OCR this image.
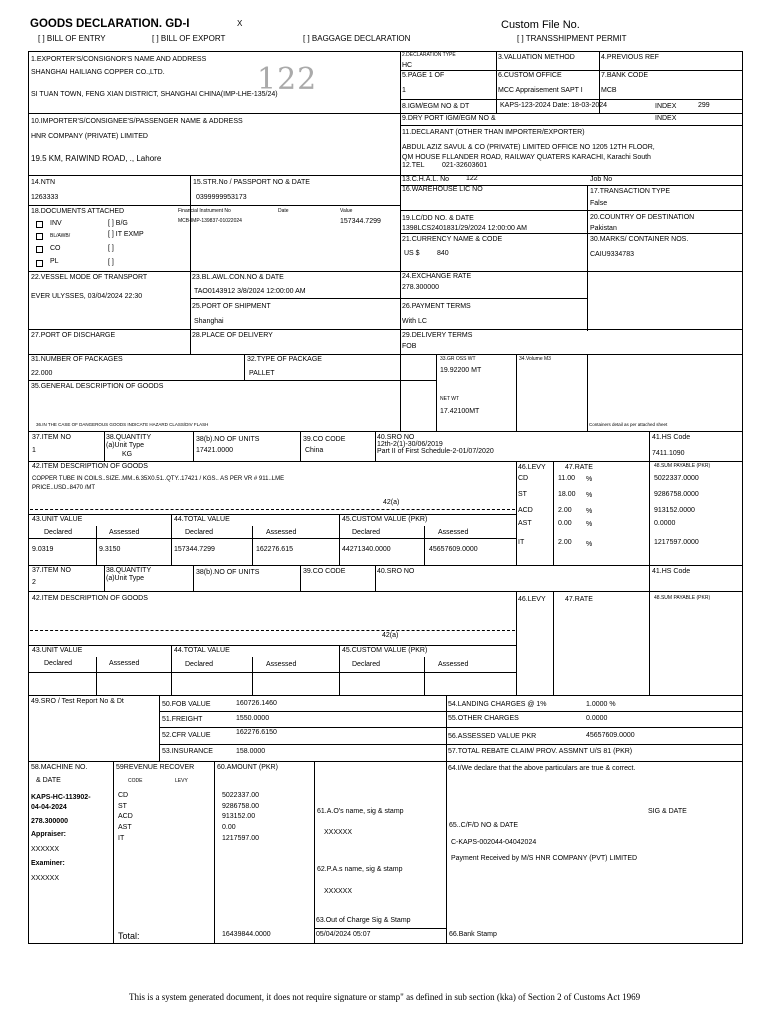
GOODS DECLARATION. GD-I	X	Custom File No.
[ ] BILL OF ENTRY	[ ] BILL OF EXPORT	[ ] BAGGAGE DECLARATION	[ ] TRANSSHIPMENT PERMIT
122
1.EXPORTER'S/CONSIGNOR'S NAME AND ADDRESS
SHANGHAI HAILIANG COPPER CO.,LTD.
SI TUAN TOWN, FENG XIAN DISTRICT, SHANGHAI CHINA(IMP-LHE-135/24)
2.DECLARATION TYPE
HC
3.VALUATION METHOD	4.PREVIOUS REF
5.PAGE 1 OF
1
6.CUSTOM OFFICE
MCC Appraisement SAPT I
7.BANK CODE
MCB
8.IGM/EGM NO & DT	KAPS-123-2024 Date: 18-03-2024	INDEX	299
9.DRY PORT IGM/EGM NO &	INDEX
10.IMPORTER'S/CONSIGNEE'S/PASSENGER NAME & ADDRESS
HNR COMPANY (PRIVATE) LIMITED
19.5 KM, RAIWIND ROAD, ., Lahore
11.DECLARANT (OTHER THAN IMPORTER/EXPORTER)
ABDUL AZIZ SAVUL & CO (PRIVATE) LIMITED OFFICE NO 1205 12TH FLOOR,
QM HOUSE FLLANDER ROAD, RAILWAY QUATERS KARACHI, Karachi South
12.TEL 021-32603601
14.NTN
1263333
15.STR.No / PASSPORT NO & DATE
0399999953173
13.C.H.A.L. No 122	Job No
16.WAREHOUSE LIC NO	17.TRANSACTION TYPE
False
18.DOCUMENTS ATTACHED	Financial Instrument No	Date	Value
MCB-IMP-139837-01022024	157344.7299
INV
BL/AWB/
CO
PL
[ ] B/G
[ ] IT EXMP
[ ]
[ ]
19.LC/DD NO. & DATE
1398LCS2401831/29/2024 12:00:00 AM
20.COUNTRY OF DESTINATION
Pakistan
21.CURRENCY NAME & CODE
US $ 840
30.MARKS/ CONTAINER NOS.
CAIU9334783
22.VESSEL MODE OF TRANSPORT
EVER ULYSSES, 03/04/2024 22:30
23.BL.AWL.CON.NO & DATE
TAO0143912 3/8/2024 12:00:00 AM
24.EXCHANGE RATE
278.300000
25.PORT OF SHIPMENT
Shanghai
26.PAYMENT TERMS
With LC
27.PORT OF DISCHARGE	28.PLACE OF DELIVERY	29.DELIVERY TERMS
FOB
31.NUMBER OF PACKAGES
22.000
32.TYPE OF PACKAGE
PALLET
33.GR OSS WT
19.92200 MT
34.Volume M3
35.GENERAL DESCRIPTION OF GOODS
NET WT
17.42100MT
36.IN THE CASE OF DANGEROUS GOODS INDICATE HAZARD CLASS/DIV FLASH	Containers detail as per attached sheet
37.ITEM NO
1
38.QUANTITY
(a)Unit Type
KG
38(b).NO OF UNITS
17421.0000
39.CO CODE
China
40.SRO NO
12th-2(1)-30/06/2019
Part II of First Schedule-2-01/07/2020
41.HS Code
7411.1090
42.ITEM DESCRIPTION OF GOODS
COPPER TUBE IN COILS..SIZE..MM..6.35X0.51..QTY..17421 / KGS.. AS PER VR # 911..LME
PRICE..USD..8470 /MT
42(a)
46.LEVY	47.RATE	48.SUM PAYABLE (PKR)
CD	11.00 %	5022337.0000
ST	18.00 %	9286758.0000
ACD	2.00 %	913152.0000
AST	0.00 %	0.0000
IT	2.00 %	1217597.0000
43.UNIT VALUE	44.TOTAL VALUE	45.CUSTOM VALUE (PKR)
Declared	Assessed	Declared	Assessed	Declared	Assessed
9.0319	9.3150	157344.7299	162276.615	44271340.0000	45657609.0000
37.ITEM NO
2
38.QUANTITY
(a)Unit Type
38(b).NO OF UNITS	39.CO CODE	40.SRO NO	41.HS Code
42.ITEM DESCRIPTION OF GOODS
42(a)
46.LEVY	47.RATE	48.SUM PAYABLE (PKR)
43.UNIT VALUE	44.TOTAL VALUE	45.CUSTOM VALUE (PKR)
Declared	Assessed	Declared	Assessed	Declared	Assessed
49.SRO / Test Report No & Dt	50.FOB VALUE	160726.1460
51.FREIGHT	1550.0000
52.CFR VALUE	162276.6150
53.INSURANCE	158.0000
54.LANDING CHARGES @ 1%	1.0000 %
55.OTHER CHARGES	0.0000
56.ASSESSED VALUE PKR	45657609.0000
57.TOTAL REBATE CLAIM/ PROV. ASSMNT U/S 81 (PKR)
58.MACHINE NO.
& DATE
KAPS-HC-113902-
04-04-2024
278.300000
Appraiser:
XXXXXX
Examiner:
XXXXXX
Total:
59REVENUE RECOVER
CODE	LEVY
60.AMOUNT (PKR)
CD	5022337.00
ST	9286758.00
ACD	913152.00
AST	0.00
IT	1217597.00
16439844.0000
61.A.O's name, sig & stamp
XXXXXX
62.P.A.s name, sig & stamp
XXXXXX
63.Out of Charge Sig & Stamp
05/04/2024 05:07
64.I/We declare that the above particulars are true & correct.
SIG & DATE
65..C/F/D NO & DATE
C-KAPS-002044-04042024
Payment Received by M/S HNR COMPANY (PVT) LIMITED
66.Bank Stamp
This is a system generated document, it does not require signature or stamp" as defined in sub section (kka) of Section 2 of Customs Act 1969
